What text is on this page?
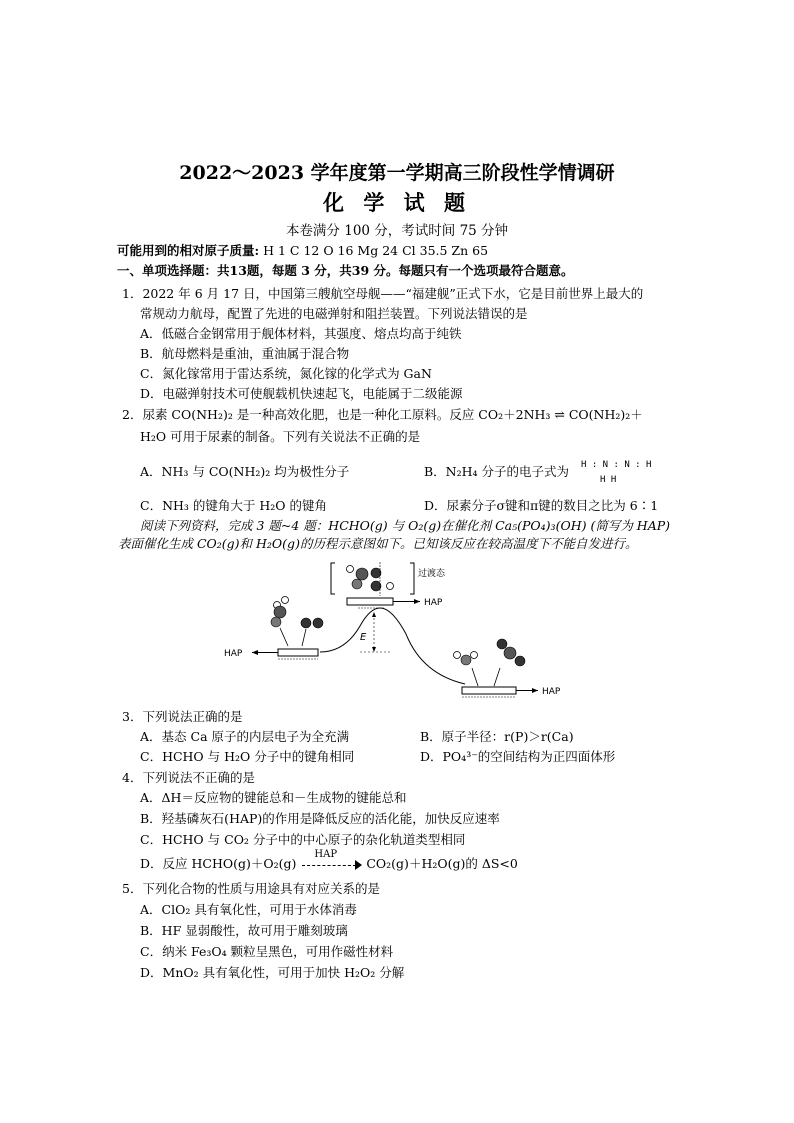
2022～2023 学年度第一学期高三阶段性学情调研
化 学 试 题
本卷满分 100 分，考试时间 75 分钟
可能用到的相对原子质量: H 1 C 12 O 16 Mg 24 Cl 35.5 Zn 65
一、单项选择题：共13题，每题 3 分，共39 分。每题只有一个选项最符合题意。
1．2022 年 6 月 17 日，中国第三艘航空母舰——“福建舰”正式下水，它是目前世界上最大的
常规动力航母，配置了先进的电磁弹射和阻拦装置。下列说法错误的是
A．低磁合金钢常用于舰体材料，其强度、熔点均高于纯铁
B．航母燃料是重油，重油属于混合物
C．氮化镓常用于雷达系统，氮化镓的化学式为 GaN
D．电磁弹射技术可使舰载机快速起飞，电能属于二级能源
2．尿素 CO(NH₂)₂ 是一种高效化肥，也是一种化工原料。反应 CO₂＋2NH₃ ⇌ CO(NH₂)₂＋
H₂O 可用于尿素的制备。下列有关说法不正确的是
A．NH₃ 与 CO(NH₂)₂ 均为极性分子	B．N₂H₄ 分子的电子式为 H : N : N : H
H H
C．NH₃ 的键角大于 H₂O 的键角	D．尿素分子σ键和π键的数目之比为 6∶1
阅读下列资料，完成 3 题~4 题：HCHO(g) 与 O₂(g)在催化剂 Ca₅(PO₄)₃(OH) (简写为 HAP)
表面催化生成 CO₂(g)和 H₂O(g)的历程示意图如下。已知该反应在较高温度下不能自发进行。
HAP
E
过渡态
HAP
HAP
3．下列说法正确的是
A．基态 Ca 原子的内层电子为全充满	B．原子半径：r(P)＞r(Ca)
C．HCHO 与 H₂O 分子中的键角相同	D．PO₄³⁻的空间结构为正四面体形
4．下列说法不正确的是
A．ΔH＝反应物的键能总和－生成物的键能总和
B．羟基磷灰石(HAP)的作用是降低反应的活化能，加快反应速率
C．HCHO 与 CO₂ 分子中的中心原子的杂化轨道类型相同
D．反应 HCHO(g)＋O₂(g)
HAP
CO₂(g)＋H₂O(g)的 ΔS<0
5．下列化合物的性质与用途具有对应关系的是
A．ClO₂ 具有氧化性，可用于水体消毒
B．HF 显弱酸性，故可用于雕刻玻璃
C．纳米 Fe₃O₄ 颗粒呈黑色，可用作磁性材料
D．MnO₂ 具有氧化性，可用于加快 H₂O₂ 分解
